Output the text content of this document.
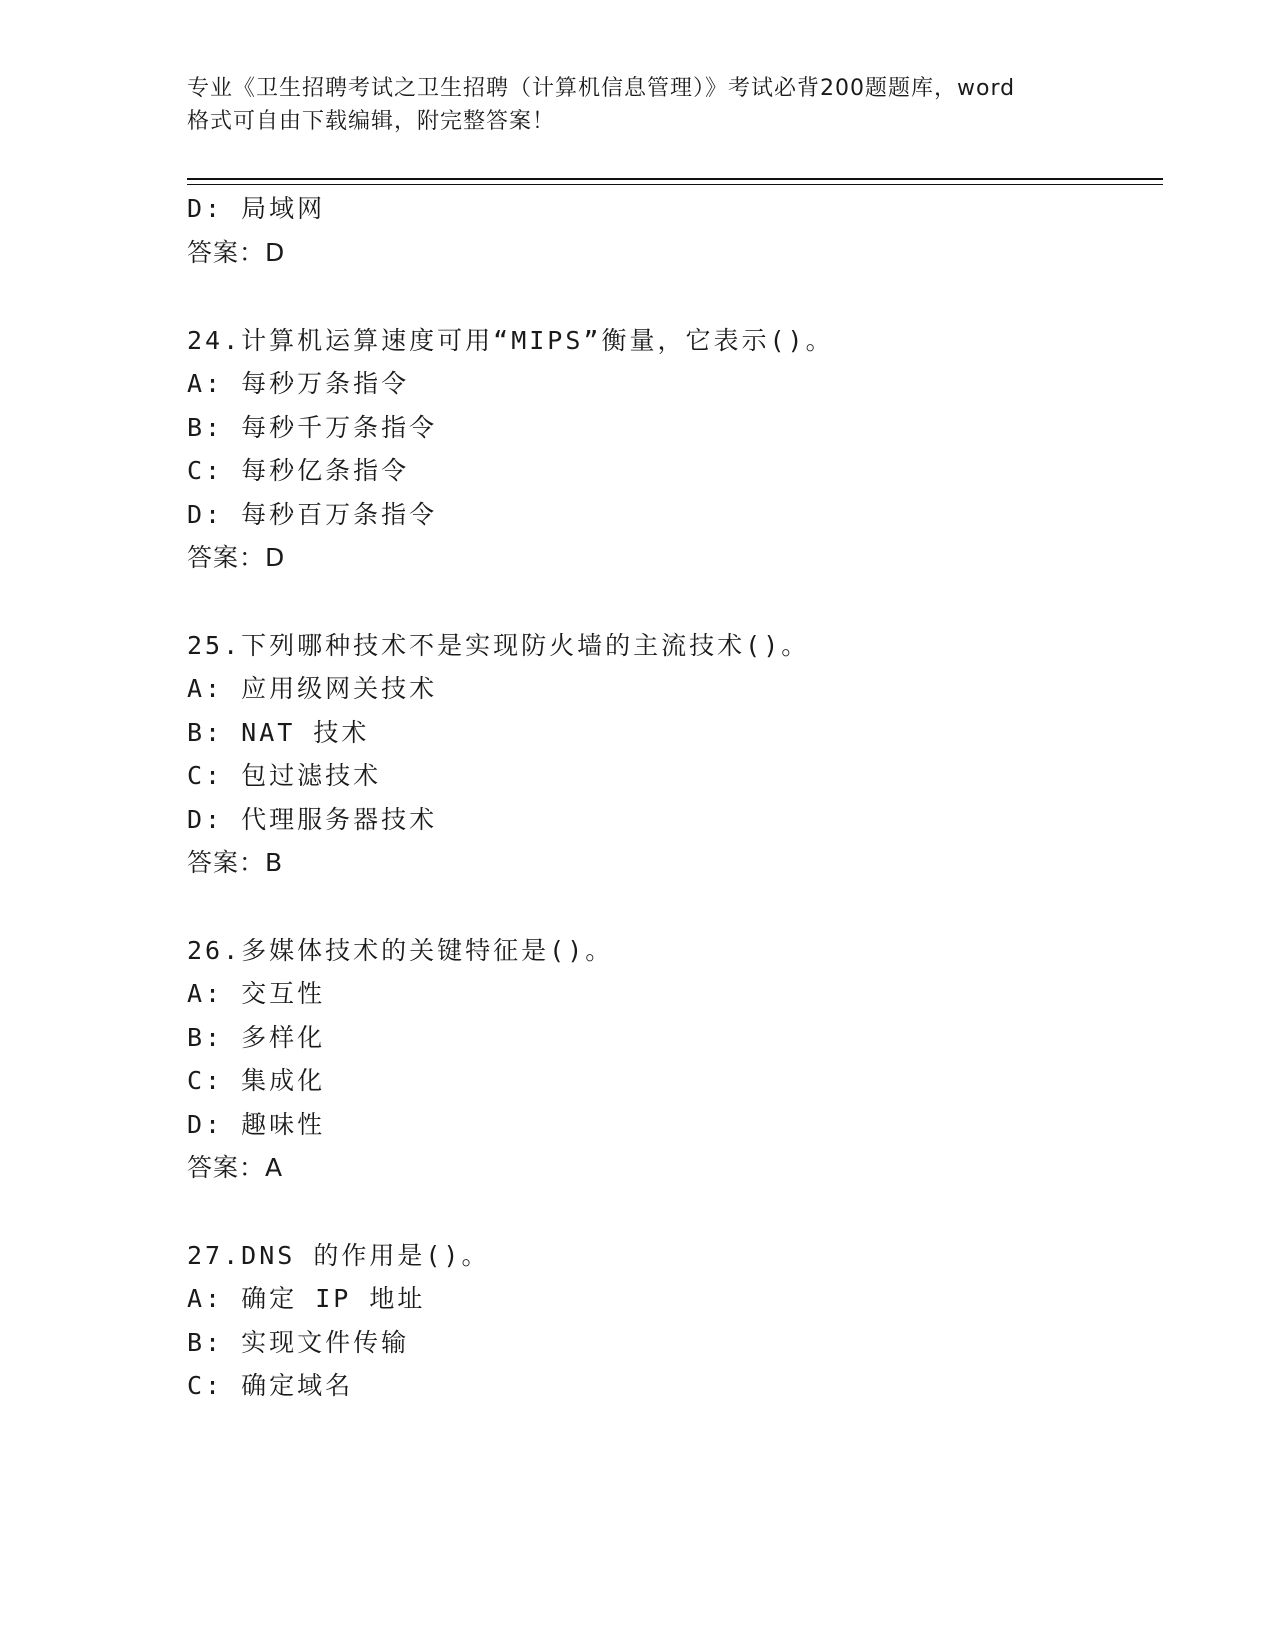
专业《卫生招聘考试之卫生招聘（计算机信息管理）》考试必背200题题库，word
格式可自由下载编辑，附完整答案！
D: 局域网
答案：D
24.计算机运算速度可用“MIPS”衡量，它表示()。
A: 每秒万条指令
B: 每秒千万条指令
C: 每秒亿条指令
D: 每秒百万条指令
答案：D
25.下列哪种技术不是实现防火墙的主流技术()。
A: 应用级网关技术
B: NAT 技术
C: 包过滤技术
D: 代理服务器技术
答案：B
26.多媒体技术的关键特征是()。
A: 交互性
B: 多样化
C: 集成化
D: 趣味性
答案：A
27.DNS 的作用是()。
A: 确定 IP 地址
B: 实现文件传输
C: 确定域名
